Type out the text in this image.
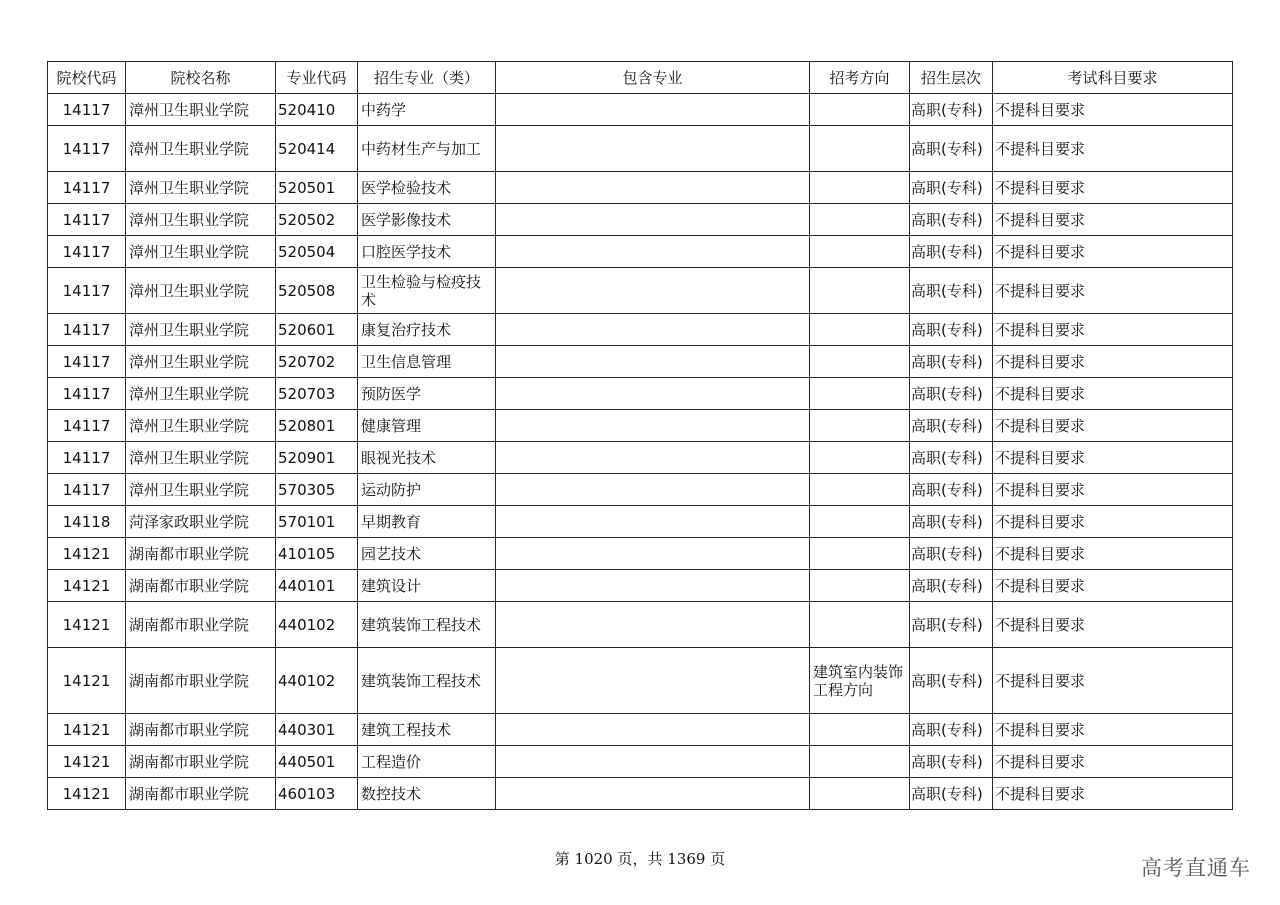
院校代码	院校名称	专业代码	招生专业（类）	包含专业	招考方向	招生层次	考试科目要求
14117	漳州卫生职业学院	520410	中药学			高职(专科)	不提科目要求
14117	漳州卫生职业学院	520414	中药材生产与加工			高职(专科)	不提科目要求
14117	漳州卫生职业学院	520501	医学检验技术			高职(专科)	不提科目要求
14117	漳州卫生职业学院	520502	医学影像技术			高职(专科)	不提科目要求
14117	漳州卫生职业学院	520504	口腔医学技术			高职(专科)	不提科目要求
14117	漳州卫生职业学院	520508	卫生检验与检疫技术			高职(专科)	不提科目要求
14117	漳州卫生职业学院	520601	康复治疗技术			高职(专科)	不提科目要求
14117	漳州卫生职业学院	520702	卫生信息管理			高职(专科)	不提科目要求
14117	漳州卫生职业学院	520703	预防医学			高职(专科)	不提科目要求
14117	漳州卫生职业学院	520801	健康管理			高职(专科)	不提科目要求
14117	漳州卫生职业学院	520901	眼视光技术			高职(专科)	不提科目要求
14117	漳州卫生职业学院	570305	运动防护			高职(专科)	不提科目要求
14118	菏泽家政职业学院	570101	早期教育			高职(专科)	不提科目要求
14121	湖南都市职业学院	410105	园艺技术			高职(专科)	不提科目要求
14121	湖南都市职业学院	440101	建筑设计			高职(专科)	不提科目要求
14121	湖南都市职业学院	440102	建筑装饰工程技术			高职(专科)	不提科目要求
14121	湖南都市职业学院	440102	建筑装饰工程技术		建筑室内装饰工程方向	高职(专科)	不提科目要求
14121	湖南都市职业学院	440301	建筑工程技术			高职(专科)	不提科目要求
14121	湖南都市职业学院	440501	工程造价			高职(专科)	不提科目要求
14121	湖南都市职业学院	460103	数控技术			高职(专科)	不提科目要求
第 1020 页，共 1369 页	高考直通车
